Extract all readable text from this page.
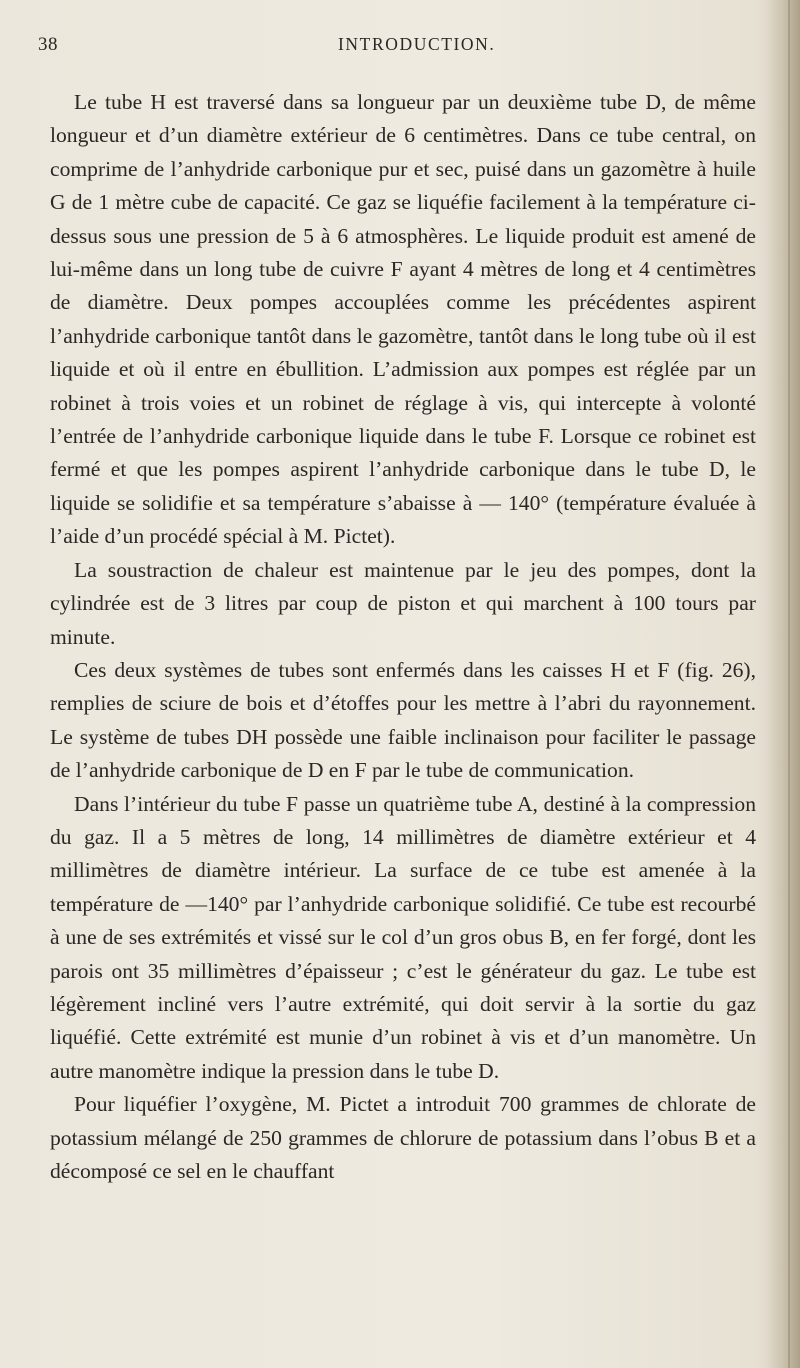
38	INTRODUCTION.

Le tube H est traversé dans sa longueur par un deuxième tube D, de même longueur et d’un diamètre extérieur de 6 centimètres. Dans ce tube central, on comprime de l’anhydride carbonique pur et sec, puisé dans un gazomètre à huile G de 1 mètre cube de capacité. Ce gaz se liquéfie facilement à la température ci-dessus sous une pression de 5 à 6 atmosphères. Le liquide produit est amené de lui-même dans un long tube de cuivre F ayant 4 mètres de long et 4 centimètres de diamètre. Deux pompes accouplées comme les précédentes aspirent l’anhydride carbonique tantôt dans le gazomètre, tantôt dans le long tube où il est liquide et où il entre en ébullition. L’admission aux pompes est réglée par un robinet à trois voies et un robinet de réglage à vis, qui intercepte à volonté l’entrée de l’anhydride carbonique liquide dans le tube F. Lorsque ce robinet est fermé et que les pompes aspirent l’anhydride carbonique dans le tube D, le liquide se solidifie et sa température s’abaisse à — 140° (température évaluée à l’aide d’un procédé spécial à M. Pictet).

La soustraction de chaleur est maintenue par le jeu des pompes, dont la cylindrée est de 3 litres par coup de piston et qui marchent à 100 tours par minute.

Ces deux systèmes de tubes sont enfermés dans les caisses H et F (fig. 26), remplies de sciure de bois et d’étoffes pour les mettre à l’abri du rayonnement. Le système de tubes DH possède une faible inclinaison pour faciliter le passage de l’anhydride carbonique de D en F par le tube de communication.

Dans l’intérieur du tube F passe un quatrième tube A, destiné à la compression du gaz. Il a 5 mètres de long, 14 millimètres de diamètre extérieur et 4 millimètres de diamètre intérieur. La surface de ce tube est amenée à la température de —140° par l’anhydride carbonique solidifié. Ce tube est recourbé à une de ses extrémités et vissé sur le col d’un gros obus B, en fer forgé, dont les parois ont 35 millimètres d’épaisseur ; c’est le générateur du gaz. Le tube est légèrement incliné vers l’autre extrémité, qui doit servir à la sortie du gaz liquéfié. Cette extrémité est munie d’un robinet à vis et d’un manomètre. Un autre manomètre indique la pression dans le tube D.

Pour liquéfier l’oxygène, M. Pictet a introduit 700 grammes de chlorate de potassium mélangé de 250 grammes de chlorure de potassium dans l’obus B et a décomposé ce sel en le chauffant
